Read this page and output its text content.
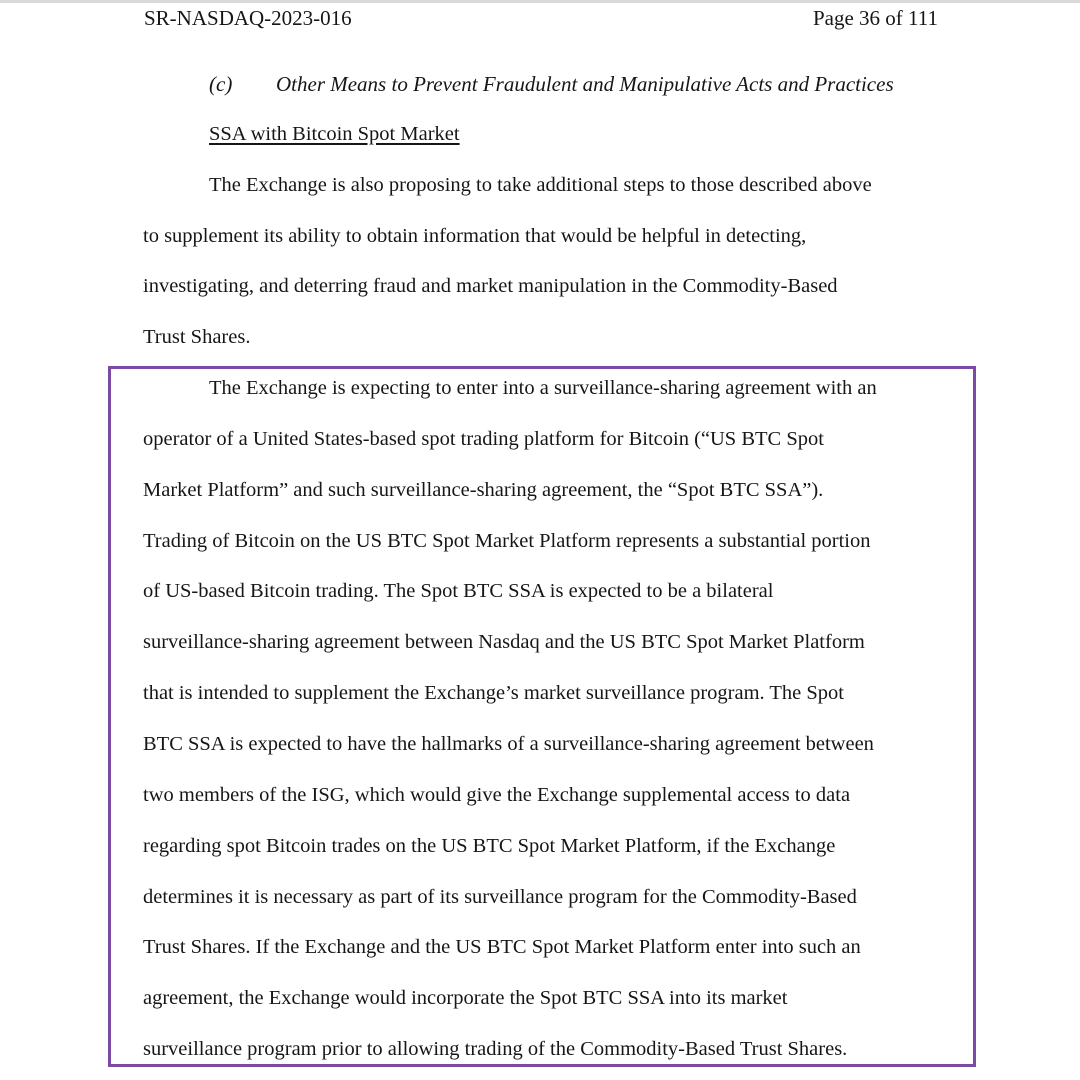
SR-NASDAQ-2023-016	Page 36 of 111
(c) Other Means to Prevent Fraudulent and Manipulative Acts and Practices
SSA with Bitcoin Spot Market
The Exchange is also proposing to take additional steps to those described above
to supplement its ability to obtain information that would be helpful in detecting,
investigating, and deterring fraud and market manipulation in the Commodity-Based
Trust Shares.
The Exchange is expecting to enter into a surveillance-sharing agreement with an
operator of a United States-based spot trading platform for Bitcoin (“US BTC Spot
Market Platform” and such surveillance-sharing agreement, the “Spot BTC SSA”).
Trading of Bitcoin on the US BTC Spot Market Platform represents a substantial portion
of US-based Bitcoin trading. The Spot BTC SSA is expected to be a bilateral
surveillance-sharing agreement between Nasdaq and the US BTC Spot Market Platform
that is intended to supplement the Exchange’s market surveillance program. The Spot
BTC SSA is expected to have the hallmarks of a surveillance-sharing agreement between
two members of the ISG, which would give the Exchange supplemental access to data
regarding spot Bitcoin trades on the US BTC Spot Market Platform, if the Exchange
determines it is necessary as part of its surveillance program for the Commodity-Based
Trust Shares. If the Exchange and the US BTC Spot Market Platform enter into such an
agreement, the Exchange would incorporate the Spot BTC SSA into its market
surveillance program prior to allowing trading of the Commodity-Based Trust Shares.
